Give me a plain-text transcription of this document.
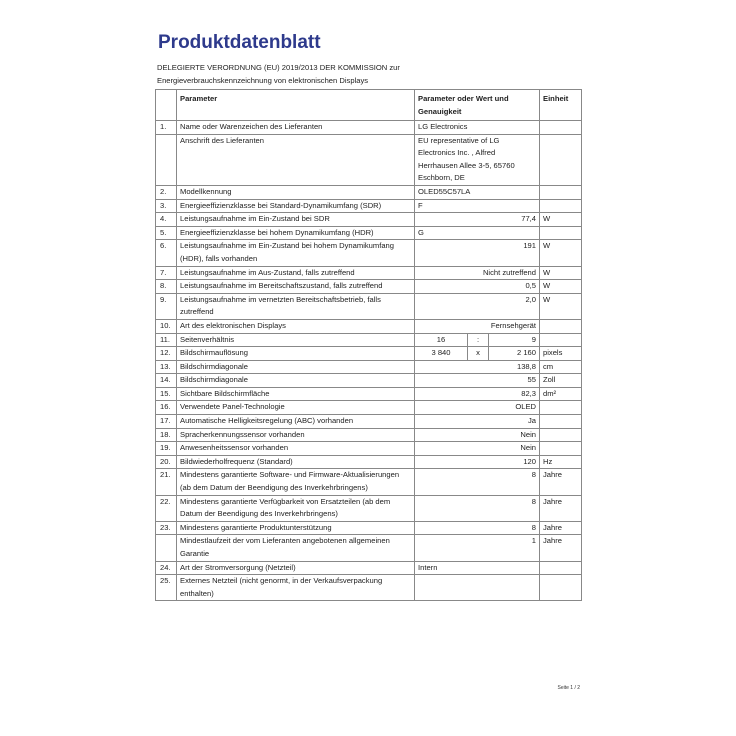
Produktdatenblatt
DELEGIERTE VERORDNUNG (EU) 2019/2013 DER KOMMISSION zur
Energieverbrauchskennzeichnung von elektronischen Displays
	Parameter	Parameter oder Wert und Genauigkeit	Einheit
1.	Name oder Warenzeichen des Lieferanten	LG Electronics	
	Anschrift des Lieferanten	EU representative of LG Electronics Inc. , Alfred Herrhausen Allee 3-5, 65760 Eschborn, DE	
2.	Modellkennung	OLED55C57LA	
3.	Energieeffizienzklasse bei Standard-Dynamikumfang (SDR)	F	
4.	Leistungsaufnahme im Ein-Zustand bei SDR	77,4	W
5.	Energieeffizienzklasse bei hohem Dynamikumfang (HDR)	G	
6.	Leistungsaufnahme im Ein-Zustand bei hohem Dynamikumfang (HDR), falls vorhanden	191	W
7.	Leistungsaufnahme im Aus-Zustand, falls zutreffend	Nicht zutreffend	W
8.	Leistungsaufnahme im Bereitschaftszustand, falls zutreffend	0,5	W
9.	Leistungsaufnahme im vernetzten Bereitschaftsbetrieb, falls zutreffend	2,0	W
10.	Art des elektronischen Displays	Fernsehgerät	
11.	Seitenverhältnis	16 : 9	

12.	Bildschirmauflösung	3 840 x 2 160	pixels
13.	Bildschirmdiagonale	138,8	cm
14.	Bildschirmdiagonale	55	Zoll
15.	Sichtbare Bildschirmfläche	82,3	dm²
16.	Verwendete Panel-Technologie	OLED	
17.	Automatische Helligkeitsregelung (ABC) vorhanden	Ja	
18.	Spracherkennungssensor vorhanden	Nein	
19.	Anwesenheitssensor vorhanden	Nein	
20.	Bildwiederholfrequenz (Standard)	120	Hz
21.	Mindestens garantierte Software- und Firmware-Aktualisierungen (ab dem Datum der Beendigung des Inverkehrbringens)	8	Jahre
22.	Mindestens garantierte Verfügbarkeit von Ersatzteilen (ab dem Datum der Beendigung des Inverkehrbringens)	8	Jahre
23.	Mindestens garantierte Produktunterstützung	8	Jahre
	Mindestlaufzeit der vom Lieferanten angebotenen allgemeinen Garantie	1	Jahre
24.	Art der Stromversorgung (Netzteil)	Intern	
25.	Externes Netzteil (nicht genormt, in der Verkaufsverpackung enthalten)		
Seite 1 / 2
